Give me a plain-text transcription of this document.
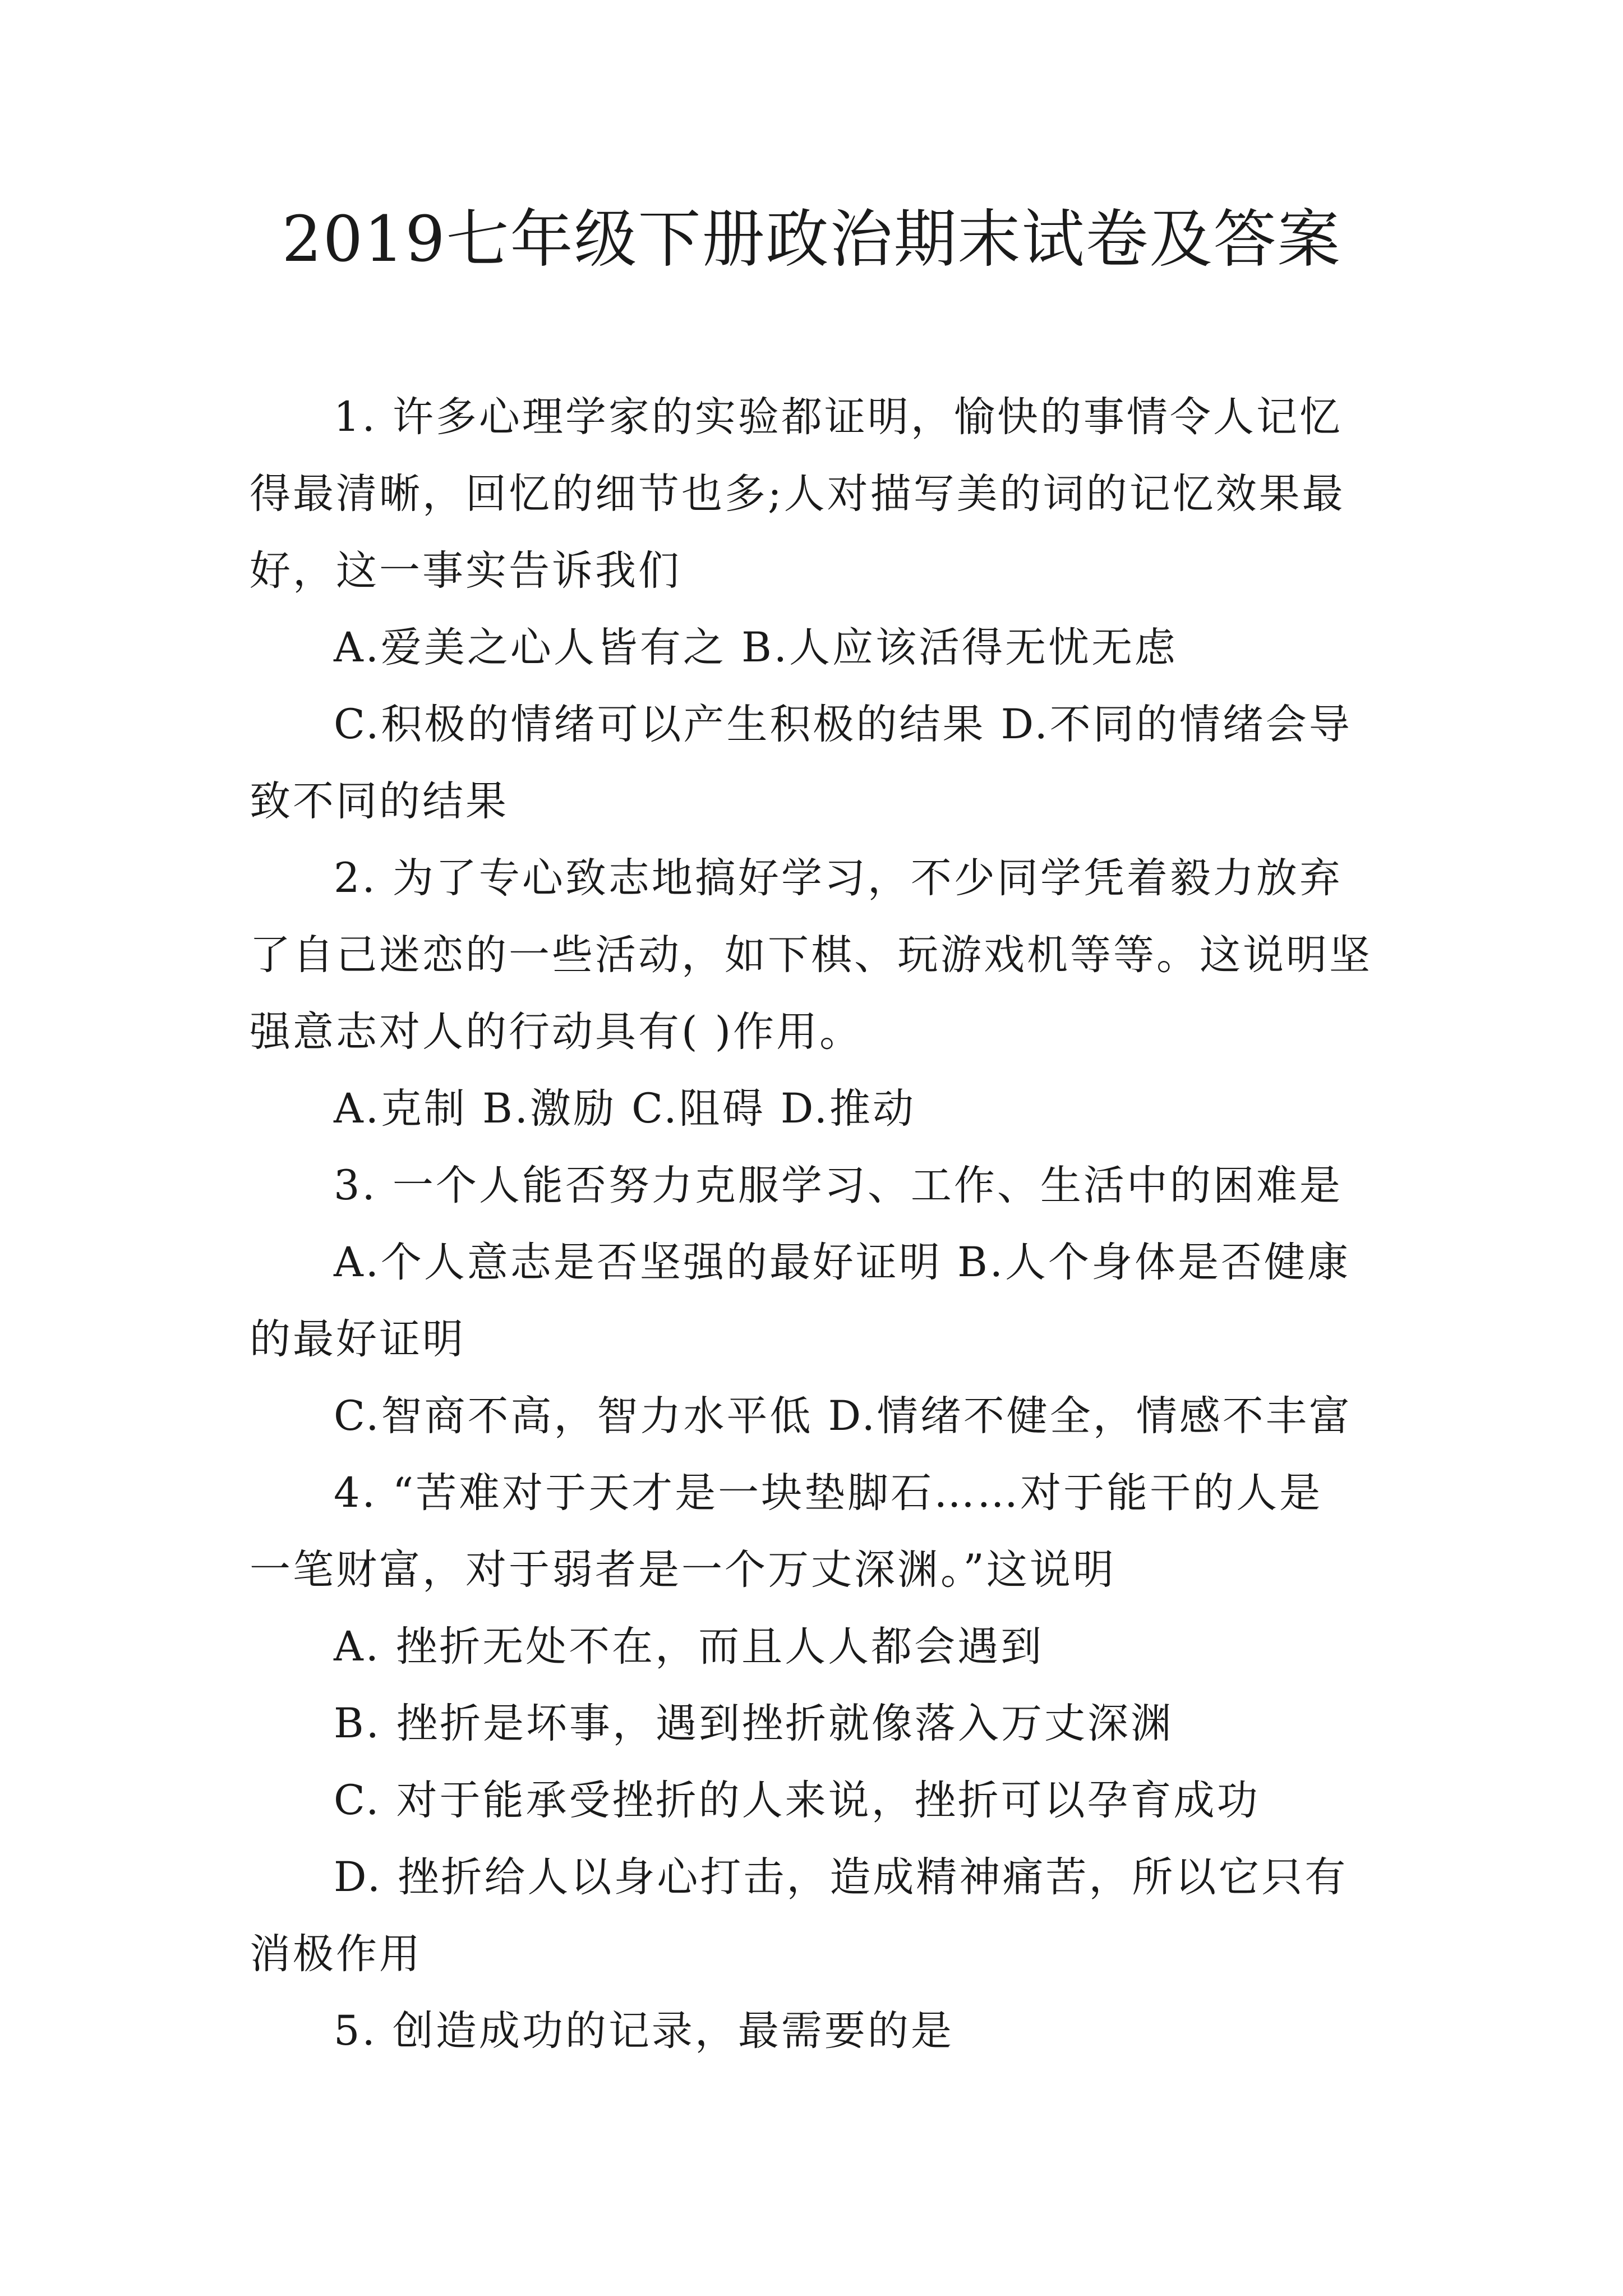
2019七年级下册政治期末试卷及答案
1. 许多心理学家的实验都证明，愉快的事情令人记忆
得最清晰，回忆的细节也多;人对描写美的词的记忆效果最
好，这一事实告诉我们
A.爱美之心人皆有之 B.人应该活得无忧无虑
C.积极的情绪可以产生积极的结果 D.不同的情绪会导
致不同的结果
2. 为了专心致志地搞好学习，不少同学凭着毅力放弃
了自己迷恋的一些活动，如下棋、玩游戏机等等。这说明坚
强意志对人的行动具有( )作用。
A.克制 B.激励 C.阻碍 D.推动
3. 一个人能否努力克服学习、工作、生活中的困难是
A.个人意志是否坚强的最好证明 B.人个身体是否健康
的最好证明
C.智商不高，智力水平低 D.情绪不健全，情感不丰富
4. “苦难对于天才是一块垫脚石……对于能干的人是
一笔财富，对于弱者是一个万丈深渊。”这说明
A. 挫折无处不在，而且人人都会遇到
B. 挫折是坏事，遇到挫折就像落入万丈深渊
C. 对于能承受挫折的人来说，挫折可以孕育成功
D. 挫折给人以身心打击，造成精神痛苦，所以它只有
消极作用
5. 创造成功的记录，最需要的是
